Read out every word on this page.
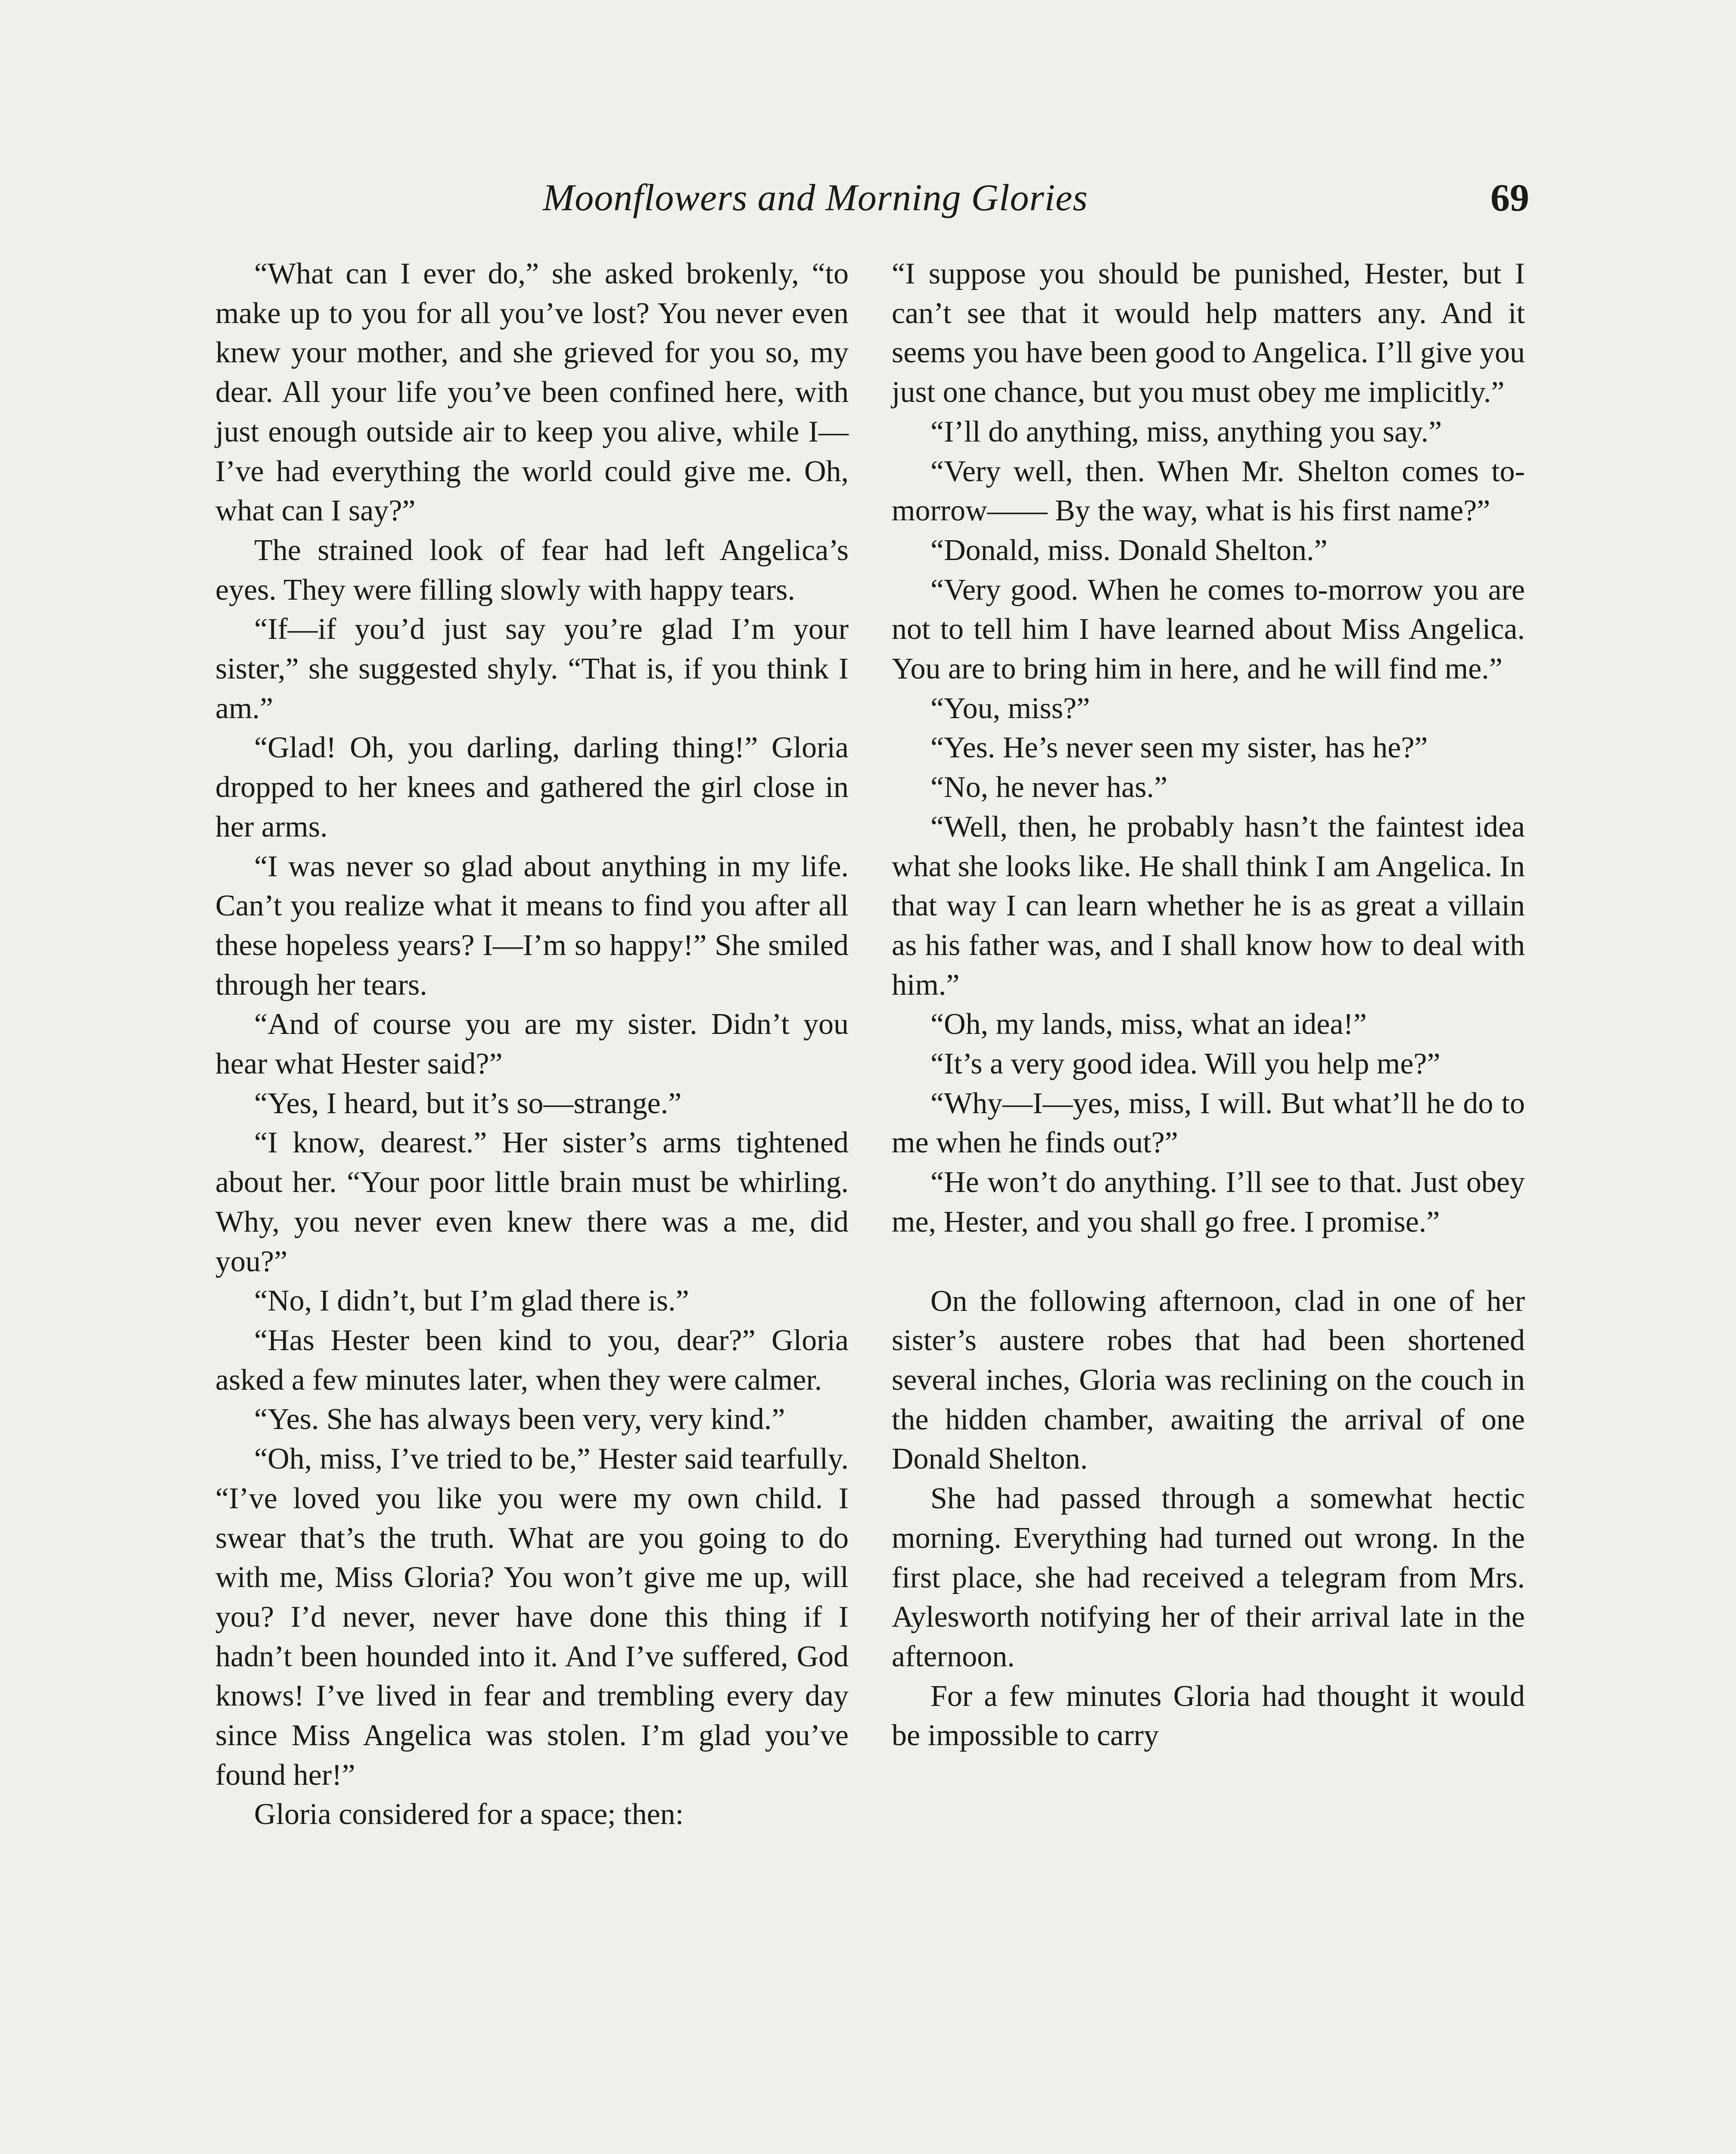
Moonflowers and Morning Glories	69

“What can I ever do,” she asked brokenly, “to make up to you for all you’ve lost? You never even knew your mother, and she grieved for you so, my dear. All your life you’ve been confined here, with just enough outside air to keep you alive, while I—I’ve had everything the world could give me. Oh, what can I say?”

The strained look of fear had left Angelica’s eyes. They were filling slowly with happy tears.

“If—if you’d just say you’re glad I’m your sister,” she suggested shyly. “That is, if you think I am.”

“Glad! Oh, you darling, darling thing!” Gloria dropped to her knees and gathered the girl close in her arms.

“I was never so glad about anything in my life. Can’t you realize what it means to find you after all these hopeless years? I—I’m so happy!” She smiled through her tears.

“And of course you are my sister. Didn’t you hear what Hester said?”

“Yes, I heard, but it’s so—strange.”

“I know, dearest.” Her sister’s arms tightened about her. “Your poor little brain must be whirling. Why, you never even knew there was a me, did you?”

“No, I didn’t, but I’m glad there is.”

“Has Hester been kind to you, dear?” Gloria asked a few minutes later, when they were calmer.

“Yes. She has always been very, very kind.”

“Oh, miss, I’ve tried to be,” Hester said tearfully. “I’ve loved you like you were my own child. I swear that’s the truth. What are you going to do with me, Miss Gloria? You won’t give me up, will you? I’d never, never have done this thing if I hadn’t been hounded into it. And I’ve suffered, God knows! I’ve lived in fear and trembling every day since Miss Angelica was stolen. I’m glad you’ve found her!”

Gloria considered for a space; then:

“I suppose you should be punished, Hester, but I can’t see that it would help matters any. And it seems you have been good to Angelica. I’ll give you just one chance, but you must obey me implicitly.”

“I’ll do anything, miss, anything you say.”

“Very well, then. When Mr. Shelton comes to-morrow—— By the way, what is his first name?”

“Donald, miss. Donald Shelton.”

“Very good. When he comes to-morrow you are not to tell him I have learned about Miss Angelica. You are to bring him in here, and he will find me.”

“You, miss?”

“Yes. He’s never seen my sister, has he?”

“No, he never has.”

“Well, then, he probably hasn’t the faintest idea what she looks like. He shall think I am Angelica. In that way I can learn whether he is as great a villain as his father was, and I shall know how to deal with him.”

“Oh, my lands, miss, what an idea!”

“It’s a very good idea. Will you help me?”

“Why—I—yes, miss, I will. But what’ll he do to me when he finds out?”

“He won’t do anything. I’ll see to that. Just obey me, Hester, and you shall go free. I promise.”

On the following afternoon, clad in one of her sister’s austere robes that had been shortened several inches, Gloria was reclining on the couch in the hidden chamber, awaiting the arrival of one Donald Shelton.

She had passed through a somewhat hectic morning. Everything had turned out wrong. In the first place, she had received a telegram from Mrs. Aylesworth notifying her of their arrival late in the afternoon.

For a few minutes Gloria had thought it would be impossible to carry
